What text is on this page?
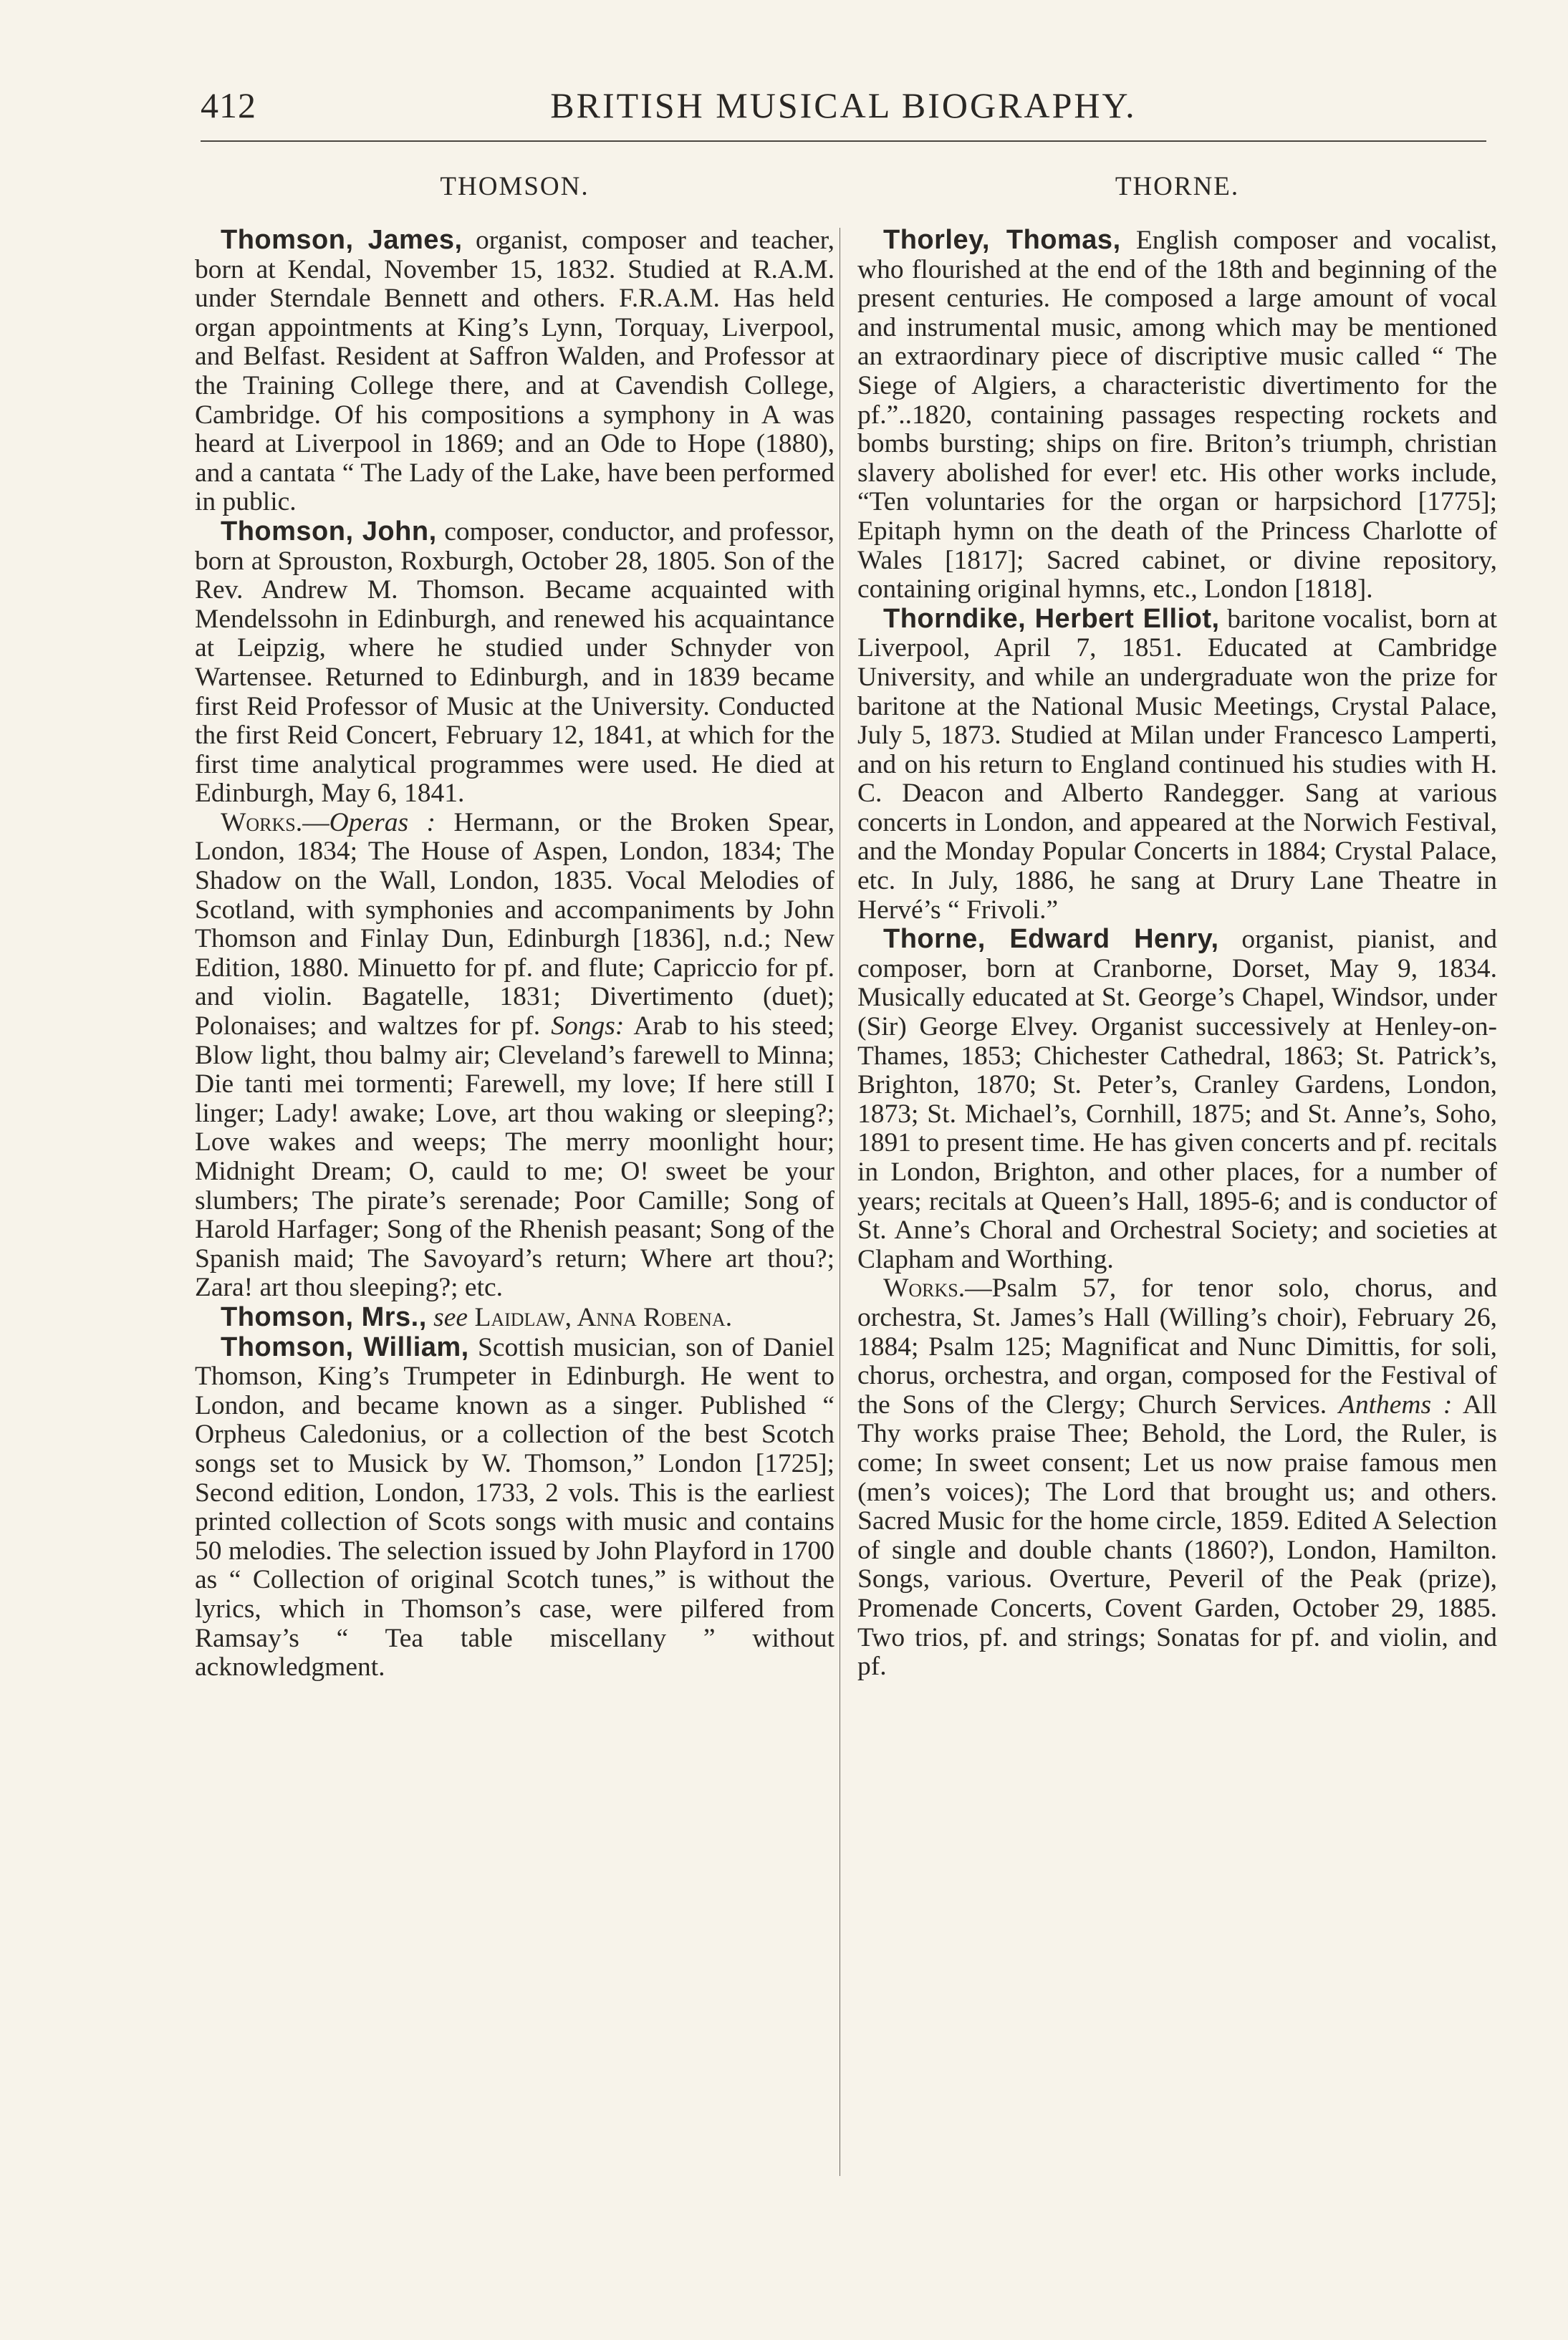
412	BRITISH MUSICAL BIOGRAPHY.
THOMSON.

Thomson, James, organist, composer and teacher, born at Kendal, November 15, 1832. Studied at R.A.M. under Sterndale Bennett and others. F.R.A.M. Has held organ appointments at King’s Lynn, Torquay, Liverpool, and Belfast. Resident at Saffron Walden, and Professor at the Training College there, and at Cavendish College, Cambridge. Of his compositions a symphony in A was heard at Liverpool in 1869; and an Ode to Hope (1880), and a cantata “ The Lady of the Lake, have been performed in public.

Thomson, John, composer, conductor, and professor, born at Sprouston, Roxburgh, October 28, 1805. Son of the Rev. Andrew M. Thomson. Became acquainted with Mendelssohn in Edinburgh, and renewed his acquaintance at Leipzig, where he studied under Schnyder von Wartensee. Returned to Edinburgh, and in 1839 became first Reid Professor of Music at the University. Conducted the first Reid Concert, February 12, 1841, at which for the first time analytical programmes were used. He died at Edinburgh, May 6, 1841.

Works.—Operas : Hermann, or the Broken Spear, London, 1834; The House of Aspen, London, 1834; The Shadow on the Wall, London, 1835. Vocal Melodies of Scotland, with symphonies and accompaniments by John Thomson and Finlay Dun, Edinburgh [1836], n.d.; New Edition, 1880. Minuetto for pf. and flute; Capriccio for pf. and violin. Bagatelle, 1831; Divertimento (duet); Polonaises; and waltzes for pf. Songs: Arab to his steed; Blow light, thou balmy air; Cleveland’s farewell to Minna; Die tanti mei tormenti; Farewell, my love; If here still I linger; Lady! awake; Love, art thou waking or sleeping?; Love wakes and weeps; The merry moonlight hour; Midnight Dream; O, cauld to me; O! sweet be your slumbers; The pirate’s serenade; Poor Camille; Song of Harold Harfager; Song of the Rhenish peasant; Song of the Spanish maid; The Savoyard’s return; Where art thou?; Zara! art thou sleeping?; etc.

Thomson, Mrs., see Laidlaw, Anna Robena.

Thomson, William, Scottish musician, son of Daniel Thomson, King’s Trumpeter in Edinburgh. He went to London, and became known as a singer. Published “ Orpheus Caledonius, or a collection of the best Scotch songs set to Musick by W. Thomson,” London [1725]; Second edition, London, 1733, 2 vols. This is the earliest printed collection of Scots songs with music and contains 50 melodies. The selection issued by John Playford in 1700 as “ Collection of original Scotch tunes,” is without the lyrics, which in Thomson’s case, were pilfered from Ramsay’s “ Tea table miscellany ” without acknowledgment.

THORNE.

Thorley, Thomas, English composer and vocalist, who flourished at the end of the 18th and beginning of the present centuries. He composed a large amount of vocal and instrumental music, among which may be mentioned an extraordinary piece of discriptive music called “ The Siege of Algiers, a characteristic divertimento for the pf.”..1820, containing passages respecting rockets and bombs bursting; ships on fire. Briton’s triumph, christian slavery abolished for ever! etc. His other works include, “Ten voluntaries for the organ or harpsichord [1775]; Epitaph hymn on the death of the Princess Charlotte of Wales [1817]; Sacred cabinet, or divine repository, containing original hymns, etc., London [1818].

Thorndike, Herbert Elliot, baritone vocalist, born at Liverpool, April 7, 1851. Educated at Cambridge University, and while an undergraduate won the prize for baritone at the National Music Meetings, Crystal Palace, July 5, 1873. Studied at Milan under Francesco Lamperti, and on his return to England continued his studies with H. C. Deacon and Alberto Randegger. Sang at various concerts in London, and appeared at the Norwich Festival, and the Monday Popular Concerts in 1884; Crystal Palace, etc. In July, 1886, he sang at Drury Lane Theatre in Hervé’s “ Frivoli.”

Thorne, Edward Henry, organist, pianist, and composer, born at Cranborne, Dorset, May 9, 1834. Musically educated at St. George’s Chapel, Windsor, under (Sir) George Elvey. Organist successively at Henley-on-Thames, 1853; Chichester Cathedral, 1863; St. Patrick’s, Brighton, 1870; St. Peter’s, Cranley Gardens, London, 1873; St. Michael’s, Cornhill, 1875; and St. Anne’s, Soho, 1891 to present time. He has given concerts and pf. recitals in London, Brighton, and other places, for a number of years; recitals at Queen’s Hall, 1895-6; and is conductor of St. Anne’s Choral and Orchestral Society; and societies at Clapham and Worthing.

Works.—Psalm 57, for tenor solo, chorus, and orchestra, St. James’s Hall (Willing’s choir), February 26, 1884; Psalm 125; Magnificat and Nunc Dimittis, for soli, chorus, orchestra, and organ, composed for the Festival of the Sons of the Clergy; Church Services. Anthems : All Thy works praise Thee; Behold, the Lord, the Ruler, is come; In sweet consent; Let us now praise famous men (men’s voices); The Lord that brought us; and others. Sacred Music for the home circle, 1859. Edited A Selection of single and double chants (1860?), London, Hamilton. Songs, various. Overture, Peveril of the Peak (prize), Promenade Concerts, Covent Garden, October 29, 1885. Two trios, pf. and strings; Sonatas for pf. and violin, and pf.
